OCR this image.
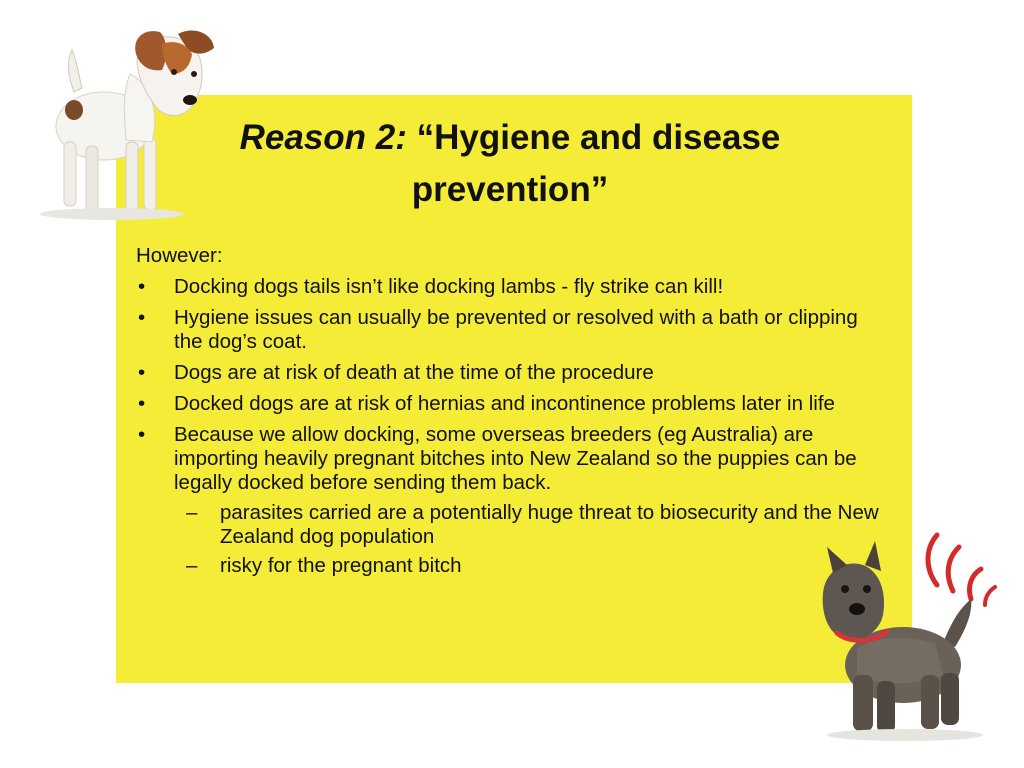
Reason 2: “Hygiene and disease prevention”
However:
• Docking dogs tails isn’t like docking lambs - fly strike can kill!
• Hygiene issues can usually be prevented or resolved with a bath or clipping the dog’s coat.
• Dogs are at risk of death at the time of the procedure
• Docked dogs are at risk of hernias and incontinence problems later in life
• Because we allow docking, some overseas breeders (eg Australia) are importing heavily pregnant bitches into New Zealand so the puppies can be legally docked before sending them back.
– parasites carried are a potentially huge threat to biosecurity and the New Zealand dog population
– risky for the pregnant bitch
